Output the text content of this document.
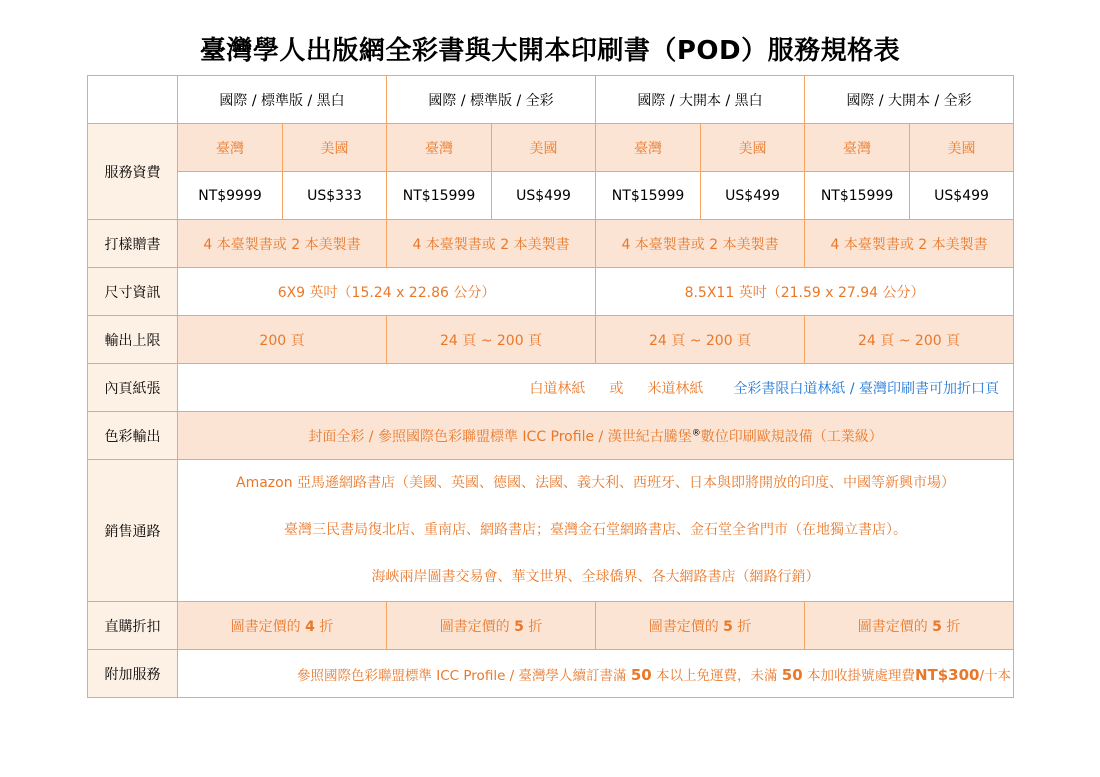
臺灣學人出版網全彩書與大開本印刷書（POD）服務規格表
	國際 / 標準版 / 黑白		國際 / 標準版 / 全彩		國際 / 大開本 / 黑白		國際 / 大開本 / 全彩	
服務資費	臺灣	美國	臺灣	美國	臺灣	美國	臺灣	美國
	NT$9999	US$333	NT$15999	US$499	NT$15999	US$499	NT$15999	US$499
打樣贈書	4 本臺製書或 2 本美製書		4 本臺製書或 2 本美製書		4 本臺製書或 2 本美製書		4 本臺製書或 2 本美製書	
尺寸資訊	6X9 英吋（15.24 x 22.86 公分）				8.5X11 英吋（21.59 x 27.94 公分）			
輸出上限	200 頁		24 頁 ~ 200 頁		24 頁 ~ 200 頁		24 頁 ~ 200 頁	
內頁紙張	白道林紙 或 米道林紙 全彩書限白道林紙 / 臺灣印刷書可加折口頁							
色彩輸出	封面全彩 / 參照國際色彩聯盟標準 ICC Profile / 漢世紀古騰堡®數位印刷歐規設備（工業級）							
銷售通路	Amazon 亞馬遜網路書店（美國、英國、德國、法國、義大利、西班牙、日本與即將開放的印度、中國等新興市場）
臺灣三民書局復北店、重南店、網路書店；臺灣金石堂網路書店、金石堂全省門市（在地獨立書店）。
海峽兩岸圖書交易會、華文世界、全球僑界、各大網路書店（網路行銷）							

直購折扣	圖書定價的 4 折		圖書定價的 5 折		圖書定價的 5 折		圖書定價的 5 折	
附加服務	參照國際色彩聯盟標準 ICC Profile / 臺灣學人續訂書滿 50 本以上免運費，未滿 50 本加收掛號處理費NT$300/十本							
